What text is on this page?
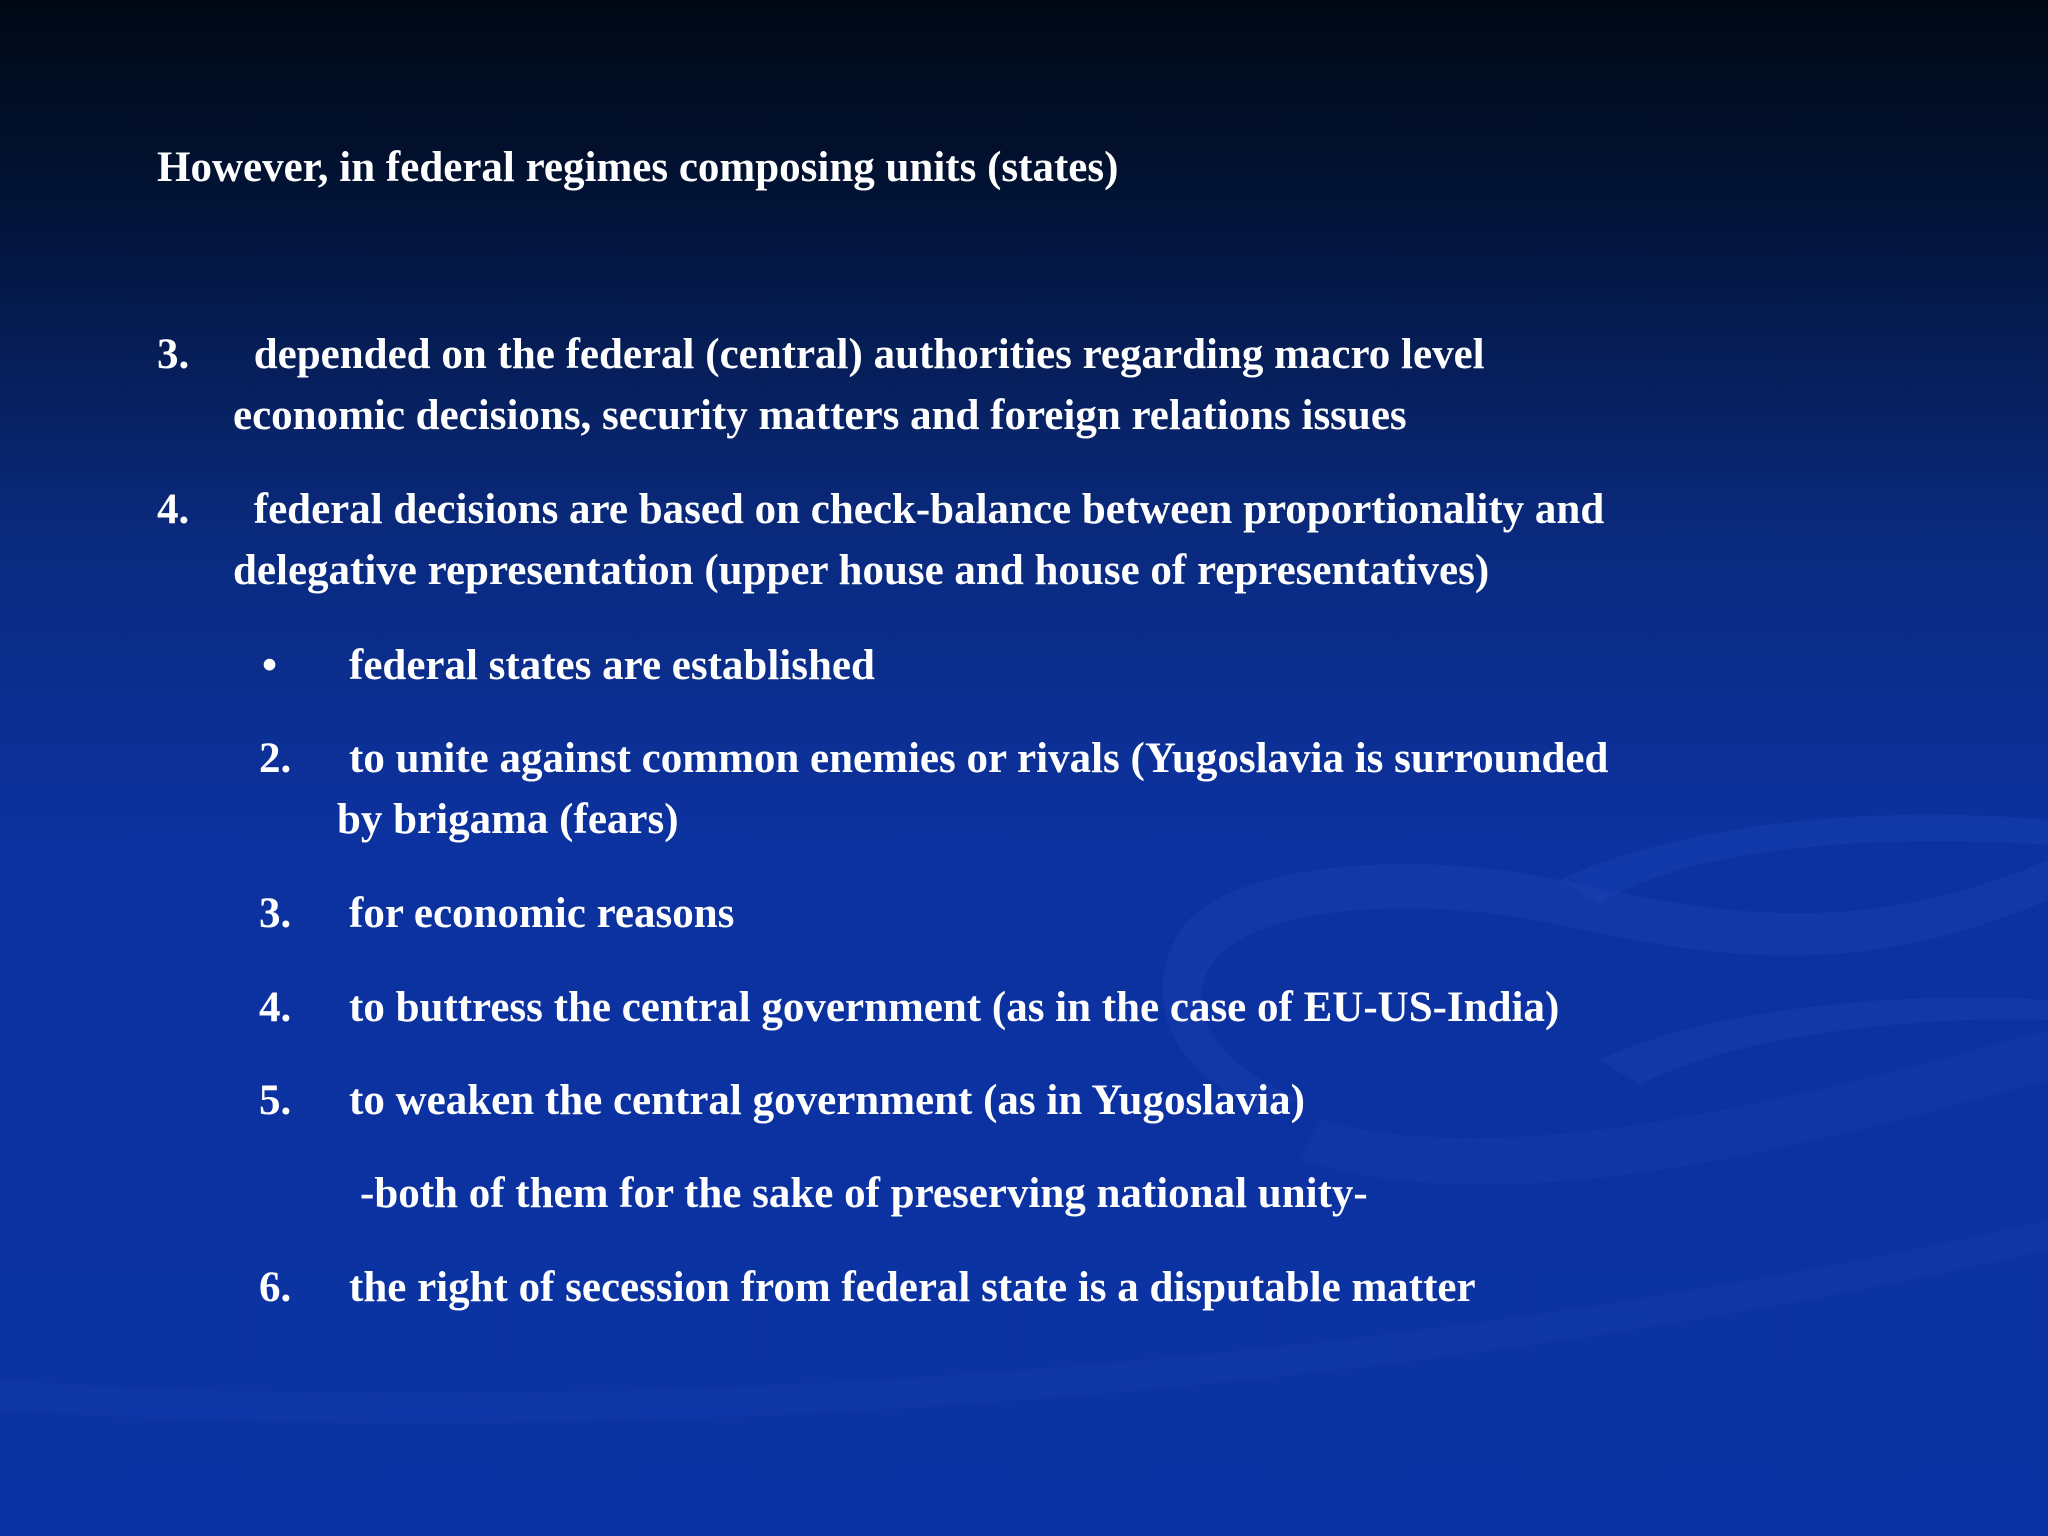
However, in federal regimes composing units (states)
3.	depended on the federal (central) authorities regarding macro level
economic decisions, security matters and foreign relations issues
4.	federal decisions are based on check-balance between proportionality and
delegative representation (upper house and house of representatives)
•	federal states are established
2.	to unite against common enemies or rivals (Yugoslavia is surrounded
by brigama (fears)
3.	for economic reasons
4.	to buttress the central government (as in the case of EU-US-India)
5.	to weaken the central government (as in Yugoslavia)
-both of them for the sake of preserving national unity-
6.	the right of secession from federal state is a disputable matter
